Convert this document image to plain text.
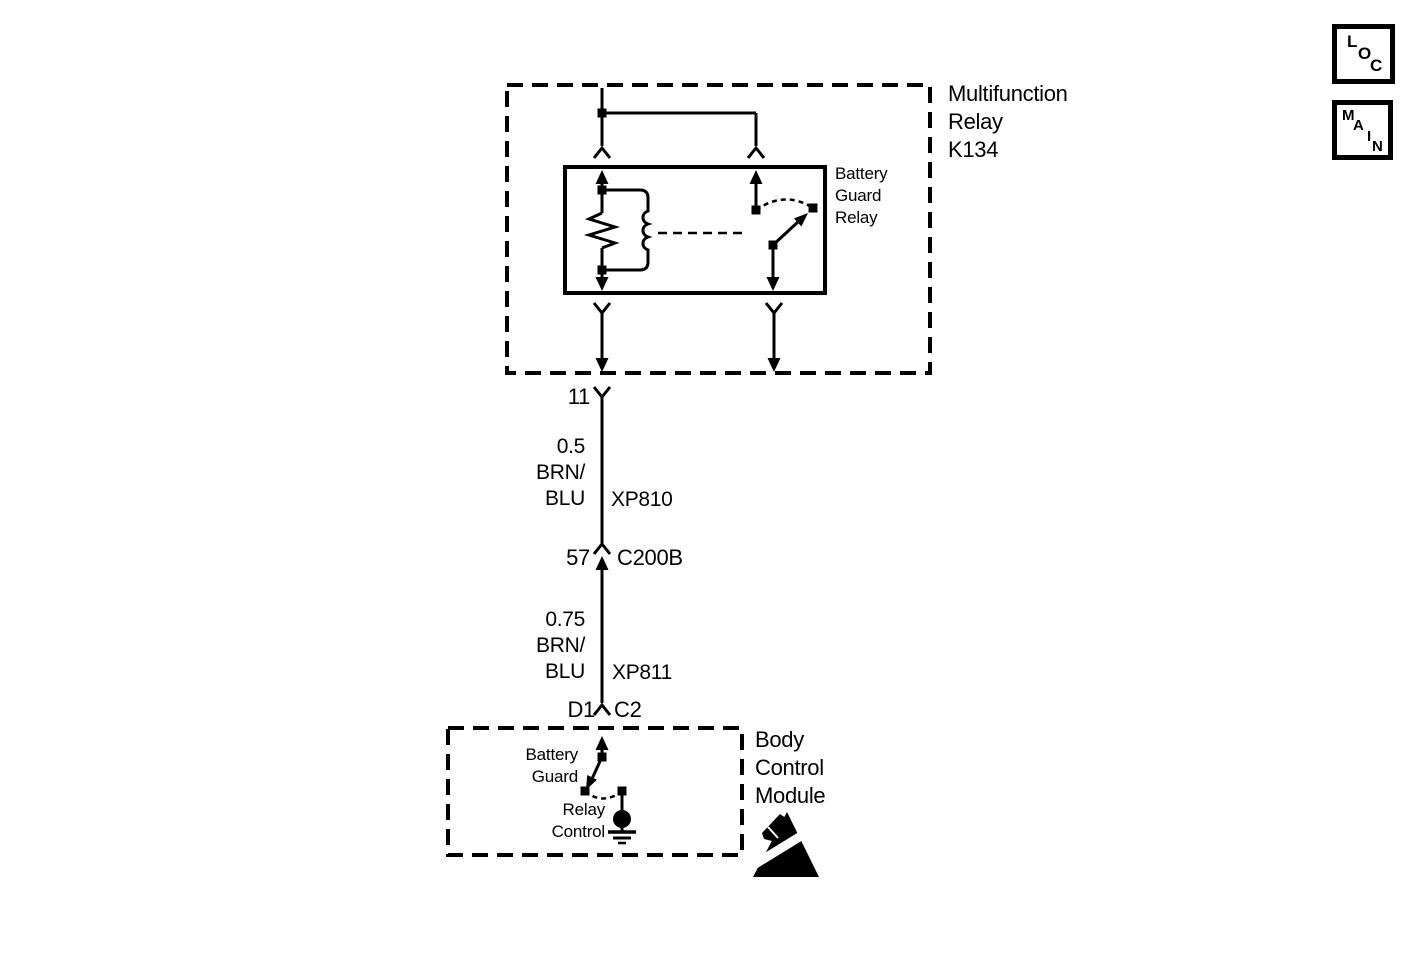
Multifunction
Relay
K134
Battery
Guard
Relay
11
0.5
BRN/
BLU XP810
57 C200B
0.75
BRN/
BLU XP811
D1 C2
Battery
Guard
Relay
Control
Body
Control
Module
L
O
C
M
A
I
N
